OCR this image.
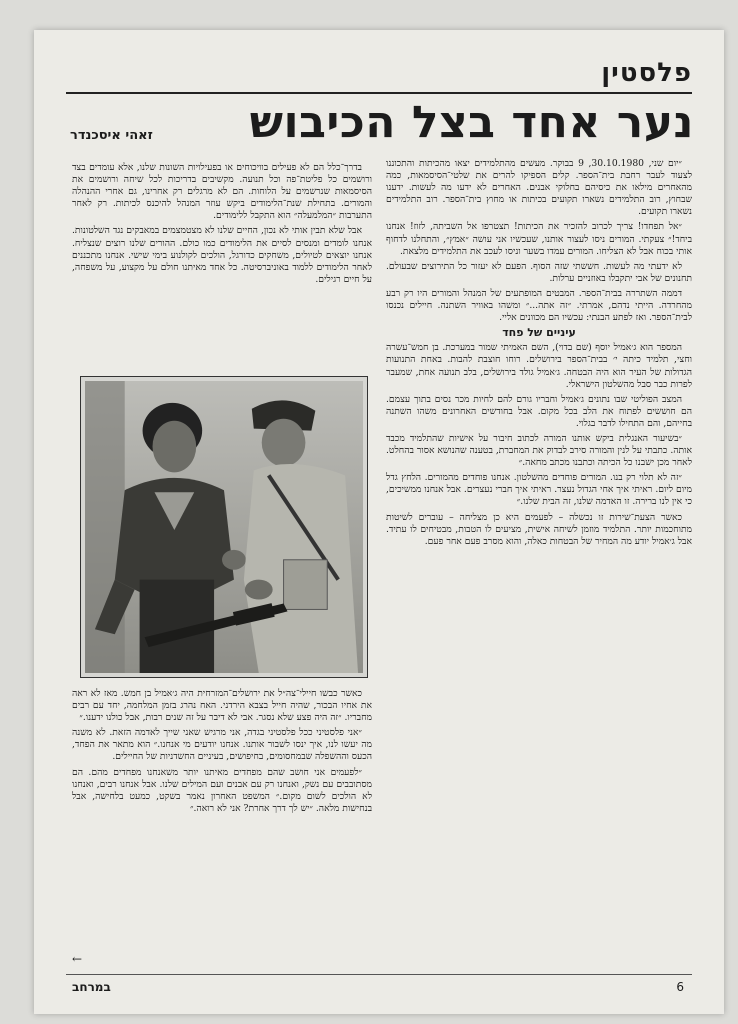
פלסטין
נער אחד בצל הכיבוש
זאהי איסכנדר

״יום שני, 30.10.1980, 9 בבוקר. מעשים מהתלמידים יצאו מהכיתות והתכוננו לצעוד לעבר רחבת בית־הספר. קלים הספיקו להרים את שלטי־הסיסמאות, כמה מהאחרים מילאו את כיסיהם בחלוקי אבנים. האחרים לא ידעו מה לעשות. ידענו שבחוץ, רוב התלמידים נשארו תקועים בכיתות או מחוץ בית־הספר. רוב התלמידים נשארו תקועים.

״אל תפחדו! צריך לכרוב להזכיר את הכיתות! תצטרפו אל השביתה, לזוז! אנחנו ביחד!״ צעקתי. המורים ניסו לעצור אותנו, שעכשיו אני עושה ״אמץ״, והתחלנו לדחוף אותי בכוח אבל לא הצליחו. המורים עמדו בשער וניסו לעכב את התלמידים מלצאת.

לא ידעתי מה לעשות. חששתי שזה הסוף. הפעם לא יעזור כל התירוצים שבעולם. תחנונים של אבי יתקבלו באוזניים ערלות.

דממה השתררה בבית־הספר. המבטים המופתעים של המנהל והמורים היו רק רבע מהחרדה. הייתי נדהם, אמרתי. ״זה אתה...״ ומשהו באוויר השתנה. חיילים נכנסו לבית־הספר. ואז לפתע הבנתי: עכשיו הם מכוונים אליי.

עיניים של פחד

המספר הוא ג׳אמיל יוסף (שם בדוי), השם האמיתי שמור במערכת. בן חמש־עשרה וחצי, תלמיד כיתה י׳ בבית־הספר בירושלים. רוחו חוצבת להבות. באחת התנועות הגדולות של העיר הוא היה הבטחה. ג׳אמיל גולד בירושלים, בלב תנועה אחת, שמעבר לפרות כבר סבל מהשלטון הישראלי.

המצב הפוליטי שבו נתונים ג׳אמיל וחבריו גורם להם לחיות מכר נסים בתוך עצמם. הם חוששים לפתוח את הלב בכל מקום. אבל בחודשים האחרונים משהו השתנה בחייהם, והם התחילו לדבר בגלוי.

״בשיעור האנגלית ביקש אותנו המורה לכתוב חיבור על אישיות שהתלמיד מכבד אותה. כתבתי על לנין והמורה סירב לבדוק את המחברת, בטענה שהנושא אסור בהחלט. לאחר מכן ישבנו כל הכיתה וכתבנו מכתב מחאה.״

״זה לא תלוי רק בנו. המורים פוחדים מהשלטון. אנחנו פוחדים מהמורים. הלחץ גדל מיום ליום. ראיתי איך אחי הגדול נעצר. ראיתי איך חברי נעצרים. אבל אנחנו ממשיכים, כי אין לנו ברירה. זו האדמה שלנו, זה הבית שלנו.״

כאשר הצעת־שירות זו נכשלה – לפעמים היא כן מצליחה – עוברים לשיטות מתוחכמות יותר. התלמיד מוזמן לשיחה אישית, מציעים לו הטבות, מבטיחים לו עתיד. אבל ג׳אמיל יודע מה המחיר של הבטחות כאלה, והוא מסרב פעם אחר פעם.

בדרך־כלל הם לא פעילים בוויכוחים או בפעילויות השונות שלנו, אלא עומדים בצד ורושמים כל פליטת־פה וכל תנועה. מקשיבים בדריכות לכל שיחה ורושמים את הסיסמאות שנרשמים על הלוחות. הם לא מרגלים רק אחרינו, גם אחרי ההנהלה והמורים. בתחילת שנת־הלימודים ביקש עוזר המנהל להיכנס לכיתות. רק לאחר התערבות ״המלמעלה״ הוא התקבל ללימודים.

אבל שלא תבין אותי לא נכון, החיים שלנו לא מצטמצמים במאבקים נגד השלטונות. אנחנו לומדים ומנסים לסיים את הלימודים כמו כולם. ההורים שלנו רוצים שנצליח. אנחנו יוצאים לטיולים, משחקים כדורגל, הולכים לקולנוע בימי שישי. אנחנו מתכננים לאחר הלימודים ללמוד באוניברסיטה. כל אחד מאיתנו חולם על מקצוע, על משפחה, על חיים רגילים.

כאשר כבשו חיילי־צה״ל את ירושלים־המזרחית היה ג׳אמיל בן חמש. מאז לא ראה את אחיו הבכור, שהיה חייל בצבא הירדני. האח נהרג בזמן המלחמה, יחד עם רבים מחבריו. ״זה היה פצע שלא נסגר. אבי לא דיבר על זה שנים רבות, אבל כולנו ידענו.״

״אני פלסטיני ככל פלסטיני בגדה, אני מרגיש שאני שייך לאדמה הזאת. לא משנה מה יעשו לנו, איך ינסו לשבור אותנו. אנחנו יודעים מי אנחנו.״ הוא מתאר את הפחד, הכעס וההשפלה שבמחסומים, בחיפושים, בעיניים החשדניות של החיילים.

״לפעמים אני חושב שהם מפחדים מאיתנו יותר משאנחנו מפחדים מהם. הם מסתובבים עם נשק, ואנחנו רק עם אבנים ועם המילים שלנו. אבל אנחנו רבים, ואנחנו לא הולכים לשום מקום.״ המשפט האחרון נאמר בשקט, כמעט בלחישה, אבל בנחישות מלאה. ״יש לך דרך אחרת? אני לא רואה.״

←
במרחב	6
